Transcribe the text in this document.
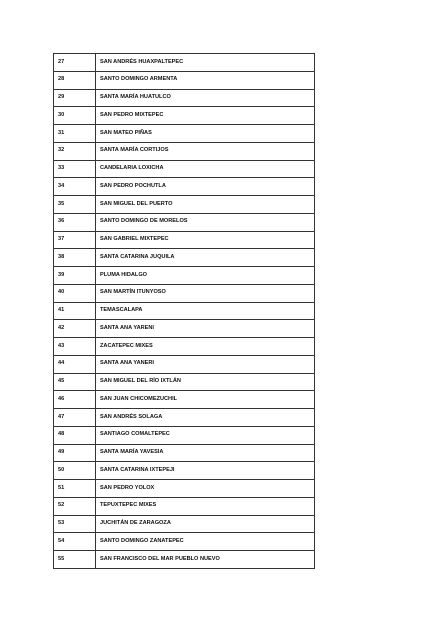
27	SAN ANDRÉS HUAXPALTEPEC
28	SANTO DOMINGO ARMENTA
29	SANTA MARÍA HUATULCO
30	SAN PEDRO MIXTEPEC
31	SAN MATEO PIÑAS
32	SANTA MARÍA CORTIJOS
33	CANDELARIA LOXICHA
34	SAN PEDRO POCHUTLA
35	SAN MIGUEL DEL PUERTO
36	SANTO DOMINGO DE MORELOS
37	SAN GABRIEL MIXTEPEC
38	SANTA CATARINA JUQUILA
39	PLUMA HIDALGO
40	SAN MARTÍN ITUNYOSO
41	TEMASCALAPA
42	SANTA ANA YARENI
43	ZACATEPEC MIXES
44	SANTA ANA YANERI
45	SAN MIGUEL DEL RÍO IXTLÁN
46	SAN JUAN CHICOMEZUCHIL
47	SAN ANDRÉS SOLAGA
48	SANTIAGO COMALTEPEC
49	SANTA MARÍA YAVESIA
50	SANTA CATARINA IXTEPEJI
51	SAN PEDRO YOLOX
52	TEPUXTEPEC MIXES
53	JUCHITÁN DE ZARAGOZA
54	SANTO DOMINGO ZANATEPEC
55	SAN FRANCISCO DEL MAR PUEBLO NUEVO
